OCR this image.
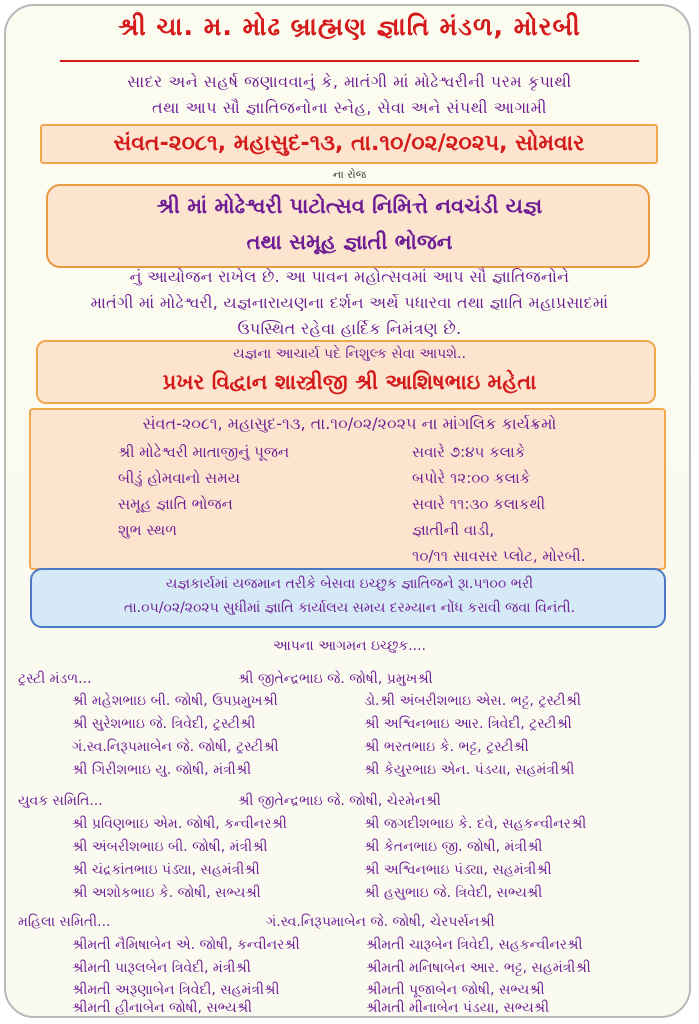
શ્રી ચા. મ. મોઢ બ્રાહ્મણ જ્ઞાતિ મંડળ, મોરબી
સાદર અને સહર્ષ જણાવવાનું કે, માતંગી માં મોઢેશ્વરીની પરમ કૃપાથી
તથા આપ સૌ જ્ઞાતિજનોના સ્નેહ, સેવા અને સંપથી આગામી
સંવત-૨૦૮૧, મહાસુદ-૧૩, તા.૧૦/૦૨/૨૦૨૫, સોમવાર
ના રોજ
શ્રી માં મોઢેશ્વરી પાટોત્સવ નિમિત્તે નવચંડી યજ્ઞ
તથા સમૂહ જ્ઞાતી ભોજન
નું આયોજન રાખેલ છે. આ પાવન મહોત્સવમાં આપ સૌ જ્ઞાતિજનોને
માતંગી માં મોઢેશ્વરી, યજ્ઞનારાયણના દર્શન અર્થે પધારવા તથા જ્ઞાતિ મહાપ્રસાદમાં
ઉપસ્થિત રહેવા હાર્દિક નિમંત્રણ છે.
યજ્ઞના આચાર્ય પદે નિશુલ્ક સેવા આપશે..
પ્રખર વિદ્વાન શાસ્ત્રીજી શ્રી આશિષભાઇ મહેતા
સંવત-૨૦૮૧, મહાસુદ-૧૩, તા.૧૦/૦૨/૨૦૨૫ ના માંગલિક કાર્યક્રમો
શ્રી મોઢેશ્વરી માતાજીનું પૂજન	સવારે ૭:૪૫ કલાકે
બીડું હોમવાનો સમય	બપોરે ૧૨:૦૦ કલાકે
સમૂહ જ્ઞાતિ ભોજન	સવારે ૧૧:૩૦ કલાકથી
શુભ સ્થળ	જ્ઞાતીની વાડી,
૧૦/૧૧ સાવસર પ્લોટ, મોરબી.
યજ્ઞકાર્યમાં યજમાન તરીકે બેસવા ઇચ્છુક જ્ઞાતિજને રૂા.૫૧૦૦ ભરી
તા.૦૫/૦૨/૨૦૨૫ સુધીમાં જ્ઞાતિ કાર્યાલય સમય દરમ્યાન નોંધ કરાવી જવા વિનંતી.
આપના આગમન ઇચ્છુક....
ટ્રસ્ટી મંડળ...	શ્રી જીતેન્દ્રભાઇ જે. જોષી, પ્રમુખશ્રી
શ્રી મહેશભાઇ બી. જોષી, ઉપપ્રમુખશ્રી	ડો.શ્રી અંબરીશભાઇ એસ. ભટ્ટ, ટ્રસ્ટીશ્રી
શ્રી સુરેશભાઇ જે. ત્રિવેદી, ટ્રસ્ટીશ્રી	શ્રી અશ્વિનભાઇ આર. ત્રિવેદી, ટ્રસ્ટીશ્રી
ગં.સ્વ.નિરૂપમાબેન જે. જોષી, ટ્રસ્ટીશ્રી	શ્રી ભરતભાઇ કે. ભટ્ટ, ટ્રસ્ટીશ્રી
શ્રી ગિરીશભાઇ યુ. જોષી, મંત્રીશ્રી	શ્રી કેયુરભાઇ એન. પંડયા, સહમંત્રીશ્રી
યુવક સમિતિ...	શ્રી જીતેન્દ્રભાઇ જે. જોષી, ચેરમેનશ્રી
શ્રી પ્રવિણભાઇ એમ. જોષી, કન્વીનરશ્રી	શ્રી જગદીશભાઇ કે. દવે, સહકન્વીનરશ્રી
શ્રી અંબરીશભાઇ બી. જોષી, મંત્રીશ્રી	શ્રી કેતનભાઇ જી. જોષી, મંત્રીશ્રી
શ્રી ચંદ્રકાંતભાઇ પંડ્યા, સહમંત્રીશ્રી	શ્રી અશ્વિનભાઇ પંડ્યા, સહમંત્રીશ્રી
શ્રી અશોકભાઇ કે. જોષી, સભ્યશ્રી	શ્રી હસુભાઇ જે. ત્રિવેદી, સભ્યશ્રી
મહિલા સમિતી...	ગં.સ્વ.નિરૂપમાબેન જે. જોષી, ચેરપર્સનશ્રી
શ્રીમતી નૈમિષાબેન એ. જોષી, કન્વીનરશ્રી	શ્રીમતી ચારૂબેન ત્રિવેદી, સહકન્વીનરશ્રી
શ્રીમતી પારૂલબેન ત્રિવેદી, મંત્રીશ્રી	શ્રીમતી મનિષાબેન આર. ભટ્ટ, સહમંત્રીશ્રી
શ્રીમતી અરૂણાબેન ત્રિવેદી, સહમંત્રીશ્રી	શ્રીમતી પૂજાબેન જોષી, સભ્યશ્રી
શ્રીમતી હીનાબેન જોષી, સભ્યશ્રી	શ્રીમતી મીનાબેન પંડયા, સભ્યશ્રી
